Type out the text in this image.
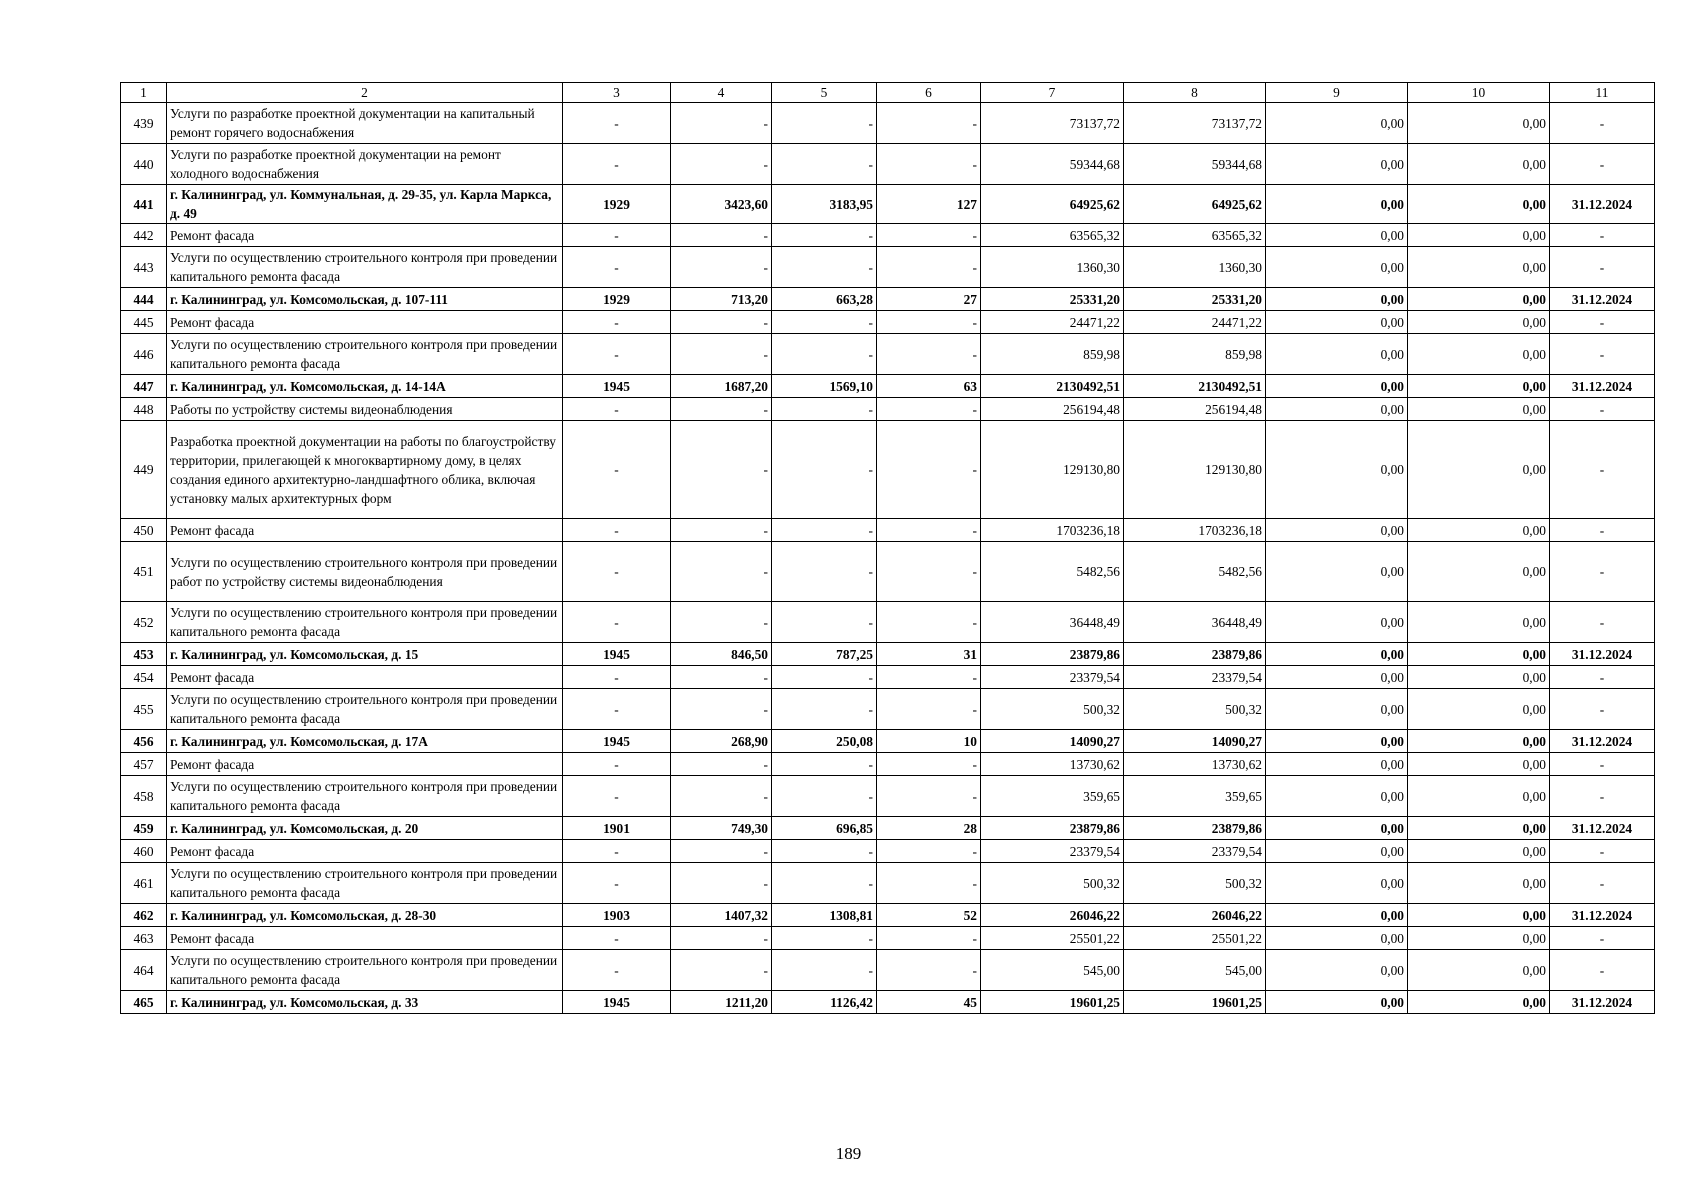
1	2	3	4	5	6	7	8	9	10	11
439	Услуги по разработке проектной документации на капитальный ремонт горячего водоснабжения	-	-	-	-	73137,72	73137,72	0,00	0,00	-
440	Услуги по разработке проектной документации на ремонт холодного водоснабжения	-	-	-	-	59344,68	59344,68	0,00	0,00	-
441	г. Калининград, ул. Коммунальная, д. 29-35, ул. Карла Маркса, д. 49	1929	3423,60	3183,95	127	64925,62	64925,62	0,00	0,00	31.12.2024
442	Ремонт фасада	-	-	-	-	63565,32	63565,32	0,00	0,00	-
443	Услуги по осуществлению строительного контроля при проведении капитального ремонта фасада	-	-	-	-	1360,30	1360,30	0,00	0,00	-
444	г. Калининград, ул. Комсомольская, д. 107-111	1929	713,20	663,28	27	25331,20	25331,20	0,00	0,00	31.12.2024
445	Ремонт фасада	-	-	-	-	24471,22	24471,22	0,00	0,00	-
446	Услуги по осуществлению строительного контроля при проведении капитального ремонта фасада	-	-	-	-	859,98	859,98	0,00	0,00	-
447	г. Калининград, ул. Комсомольская, д. 14-14А	1945	1687,20	1569,10	63	2130492,51	2130492,51	0,00	0,00	31.12.2024
448	Работы по устройству системы видеонаблюдения	-	-	-	-	256194,48	256194,48	0,00	0,00	-
449	Разработка проектной документации на работы по благоустройству территории, прилегающей к многоквартирному дому, в целях создания единого архитектурно-ландшафтного облика, включая установку малых архитектурных форм	-	-	-	-	129130,80	129130,80	0,00	0,00	-
450	Ремонт фасада	-	-	-	-	1703236,18	1703236,18	0,00	0,00	-
451	Услуги по осуществлению строительного контроля при проведении работ по устройству системы видеонаблюдения	-	-	-	-	5482,56	5482,56	0,00	0,00	-
452	Услуги по осуществлению строительного контроля при проведении капитального ремонта фасада	-	-	-	-	36448,49	36448,49	0,00	0,00	-
453	г. Калининград, ул. Комсомольская, д. 15	1945	846,50	787,25	31	23879,86	23879,86	0,00	0,00	31.12.2024
454	Ремонт фасада	-	-	-	-	23379,54	23379,54	0,00	0,00	-
455	Услуги по осуществлению строительного контроля при проведении капитального ремонта фасада	-	-	-	-	500,32	500,32	0,00	0,00	-
456	г. Калининград, ул. Комсомольская, д. 17А	1945	268,90	250,08	10	14090,27	14090,27	0,00	0,00	31.12.2024
457	Ремонт фасада	-	-	-	-	13730,62	13730,62	0,00	0,00	-
458	Услуги по осуществлению строительного контроля при проведении капитального ремонта фасада	-	-	-	-	359,65	359,65	0,00	0,00	-
459	г. Калининград, ул. Комсомольская, д. 20	1901	749,30	696,85	28	23879,86	23879,86	0,00	0,00	31.12.2024
460	Ремонт фасада	-	-	-	-	23379,54	23379,54	0,00	0,00	-
461	Услуги по осуществлению строительного контроля при проведении капитального ремонта фасада	-	-	-	-	500,32	500,32	0,00	0,00	-
462	г. Калининград, ул. Комсомольская, д. 28-30	1903	1407,32	1308,81	52	26046,22	26046,22	0,00	0,00	31.12.2024
463	Ремонт фасада	-	-	-	-	25501,22	25501,22	0,00	0,00	-
464	Услуги по осуществлению строительного контроля при проведении капитального ремонта фасада	-	-	-	-	545,00	545,00	0,00	0,00	-
465	г. Калининград, ул. Комсомольская, д. 33	1945	1211,20	1126,42	45	19601,25	19601,25	0,00	0,00	31.12.2024
189
